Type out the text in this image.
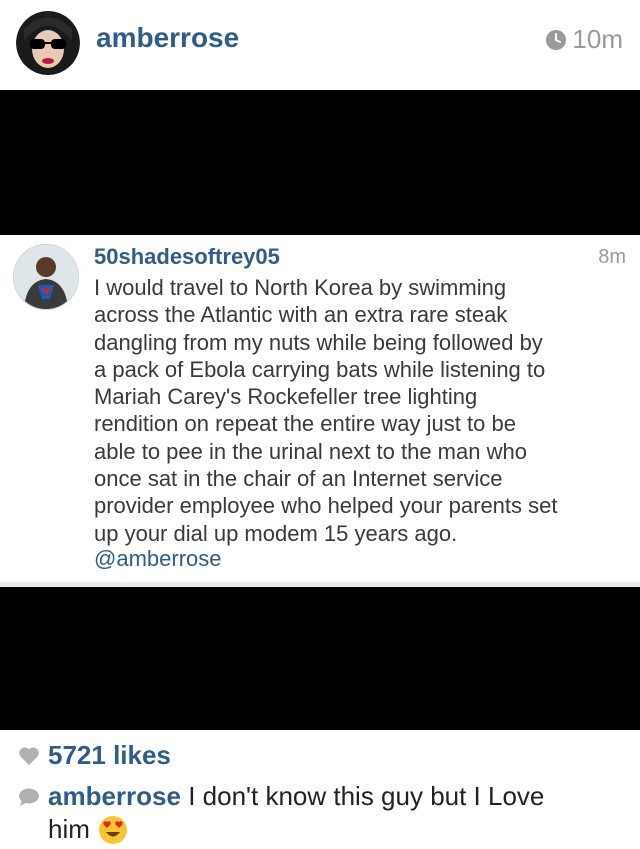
amberrose	10m
50shadesoftrey05	8m
I would travel to North Korea by swimming
across the Atlantic with an extra rare steak
dangling from my nuts while being followed by
a pack of Ebola carrying bats while listening to
Mariah Carey's Rockefeller tree lighting
rendition on repeat the entire way just to be
able to pee in the urinal next to the man who
once sat in the chair of an Internet service
provider employee who helped your parents set
up your dial up modem 15 years ago.
@amberrose
5721 likes
amberrose I don't know this guy but I Love
him
